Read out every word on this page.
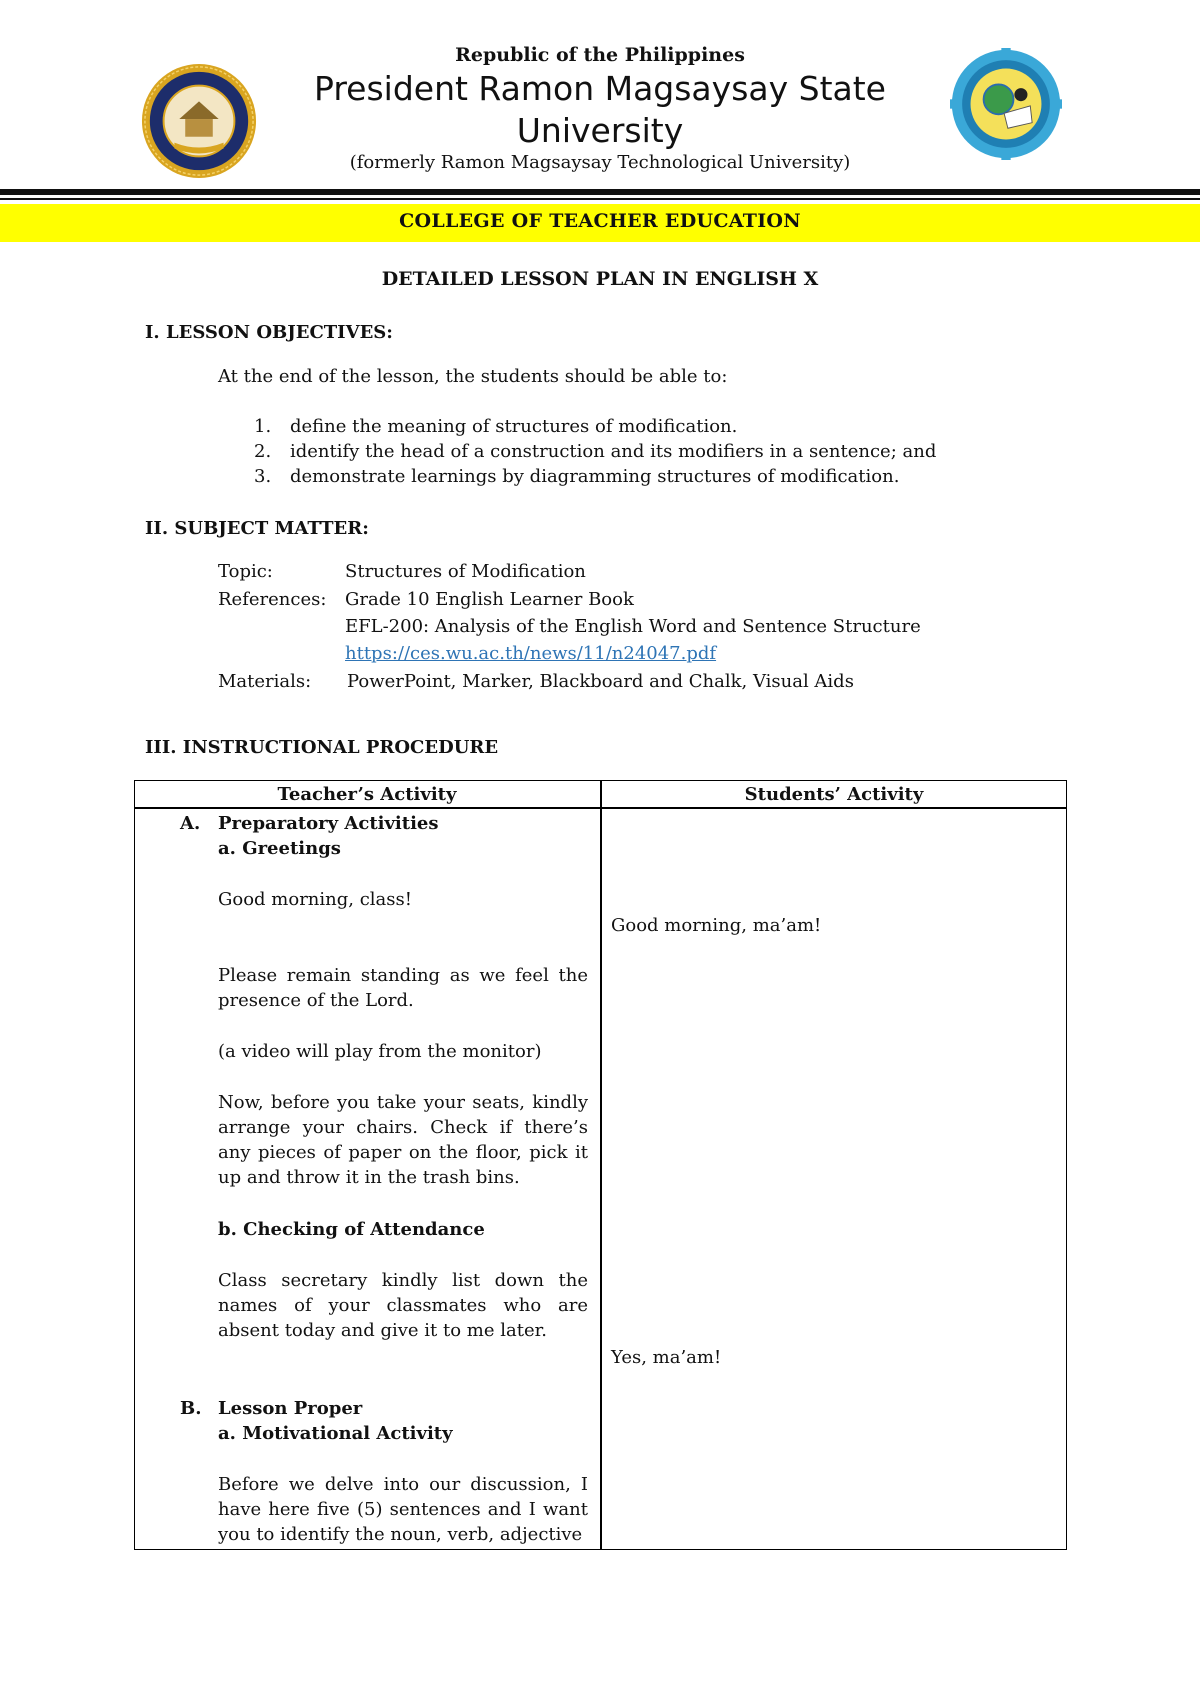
Republic of the Philippines
President Ramon Magsaysay State
University
(formerly Ramon Magsaysay Technological University)
COLLEGE OF TEACHER EDUCATION
DETAILED LESSON PLAN IN ENGLISH X
I. LESSON OBJECTIVES:
At the end of the lesson, the students should be able to:
1. define the meaning of structures of modification.
2. identify the head of a construction and its modifiers in a sentence; and
3. demonstrate learnings by diagramming structures of modification.
II. SUBJECT MATTER:
Topic:	Structures of Modification
References: Grade 10 English Learner Book
EFL-200: Analysis of the English Word and Sentence Structure
https://ces.wu.ac.th/news/11/n24047.pdf
Materials: PowerPoint, Marker, Blackboard and Chalk, Visual Aids
III. INSTRUCTIONAL PROCEDURE
Teacher’s Activity	Students’ Activity
A. Preparatory Activities
a. Greetings
Good morning, class!
Good morning, ma’am!
Please remain standing as we feel the presence of the Lord.
(a video will play from the monitor)
Now, before you take your seats, kindly arrange your chairs. Check if there’s any pieces of paper on the floor, pick it up and throw it in the trash bins.
b. Checking of Attendance
Class secretary kindly list down the names of your classmates who are absent today and give it to me later.
Yes, ma’am!
B. Lesson Proper
a. Motivational Activity
Before we delve into our discussion, I have here five (5) sentences and I want you to identify the noun, verb, adjective
